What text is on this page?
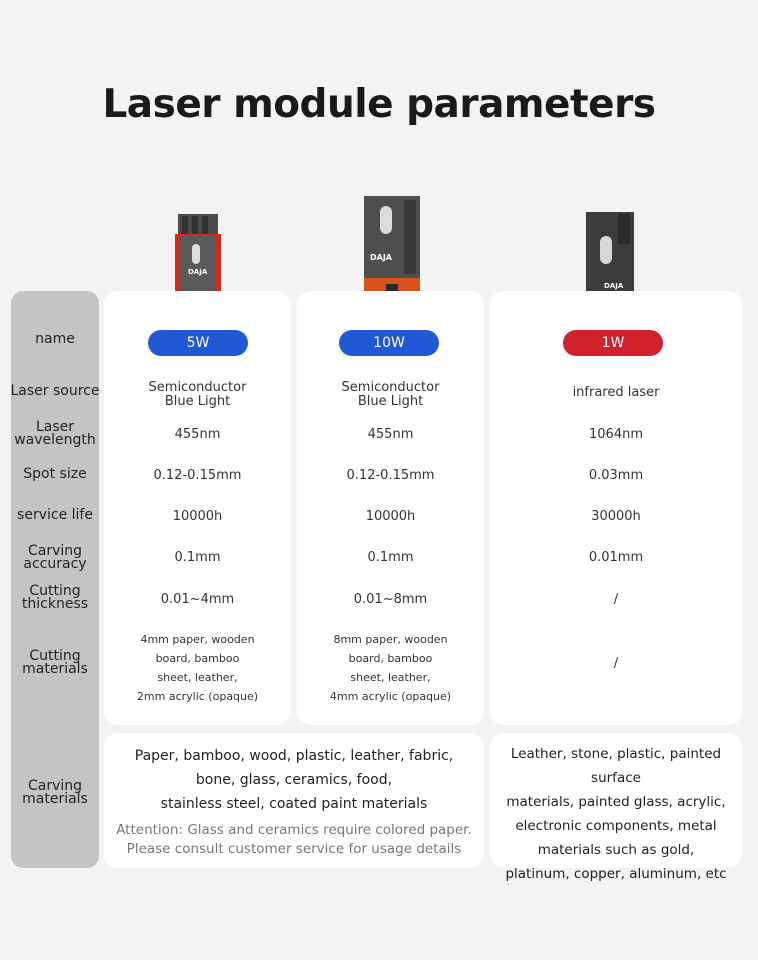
Laser module parameters
DAJA
DAJA
DAJA
name
Laser source
Laser
wavelength
Spot size
service life
Carving
accuracy
Cutting
thickness
Cutting
materials
Carving
materials
5W	10W	1W
Semiconductor
Blue Light
455nm
0.12-0.15mm
10000h
0.1mm
0.01~4mm
4mm paper, wooden
board, bamboo
sheet, leather,
2mm acrylic (opaque)
Semiconductor
Blue Light
455nm
0.12-0.15mm
10000h
0.1mm
0.01~8mm
8mm paper, wooden
board, bamboo
sheet, leather,
4mm acrylic (opaque)
infrared laser
1064nm
0.03mm
30000h
0.01mm
/
/
Paper, bamboo, wood, plastic, leather, fabric,
bone, glass, ceramics, food,
stainless steel, coated paint materials
Attention: Glass and ceramics require colored paper.
Please consult customer service for usage details
Leather, stone, plastic, painted surface
materials, painted glass, acrylic,
electronic components, metal
materials such as gold,
platinum, copper, aluminum, etc
